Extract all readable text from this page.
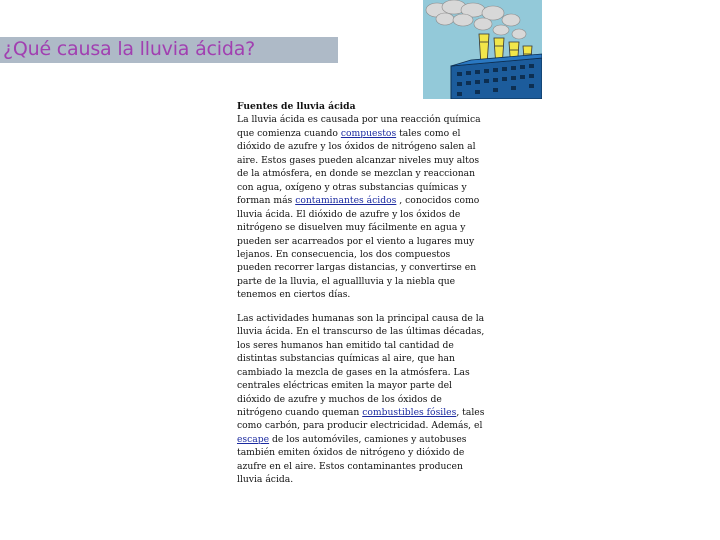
¿Qué causa la lluvia ácida?
Fuentes de lluvia ácida

La lluvia ácida es causada por una reacción química que comienza cuando compuestos tales como el dióxido de azufre y los óxidos de nitrógeno salen al aire. Estos gases pueden alcanzar niveles muy altos de la atmósfera, en donde se mezclan y reaccionan con agua, oxígeno y otras substancias químicas y forman más contaminantes ácidos , conocidos como lluvia ácida. El dióxido de azufre y los óxidos de nitrógeno se disuelven muy fácilmente en agua y pueden ser acarreados por el viento a lugares muy lejanos. En consecuencia, los dos compuestos pueden recorrer largas distancias, y convertirse en parte de la lluvia, el aguallluvia y la niebla que tenemos en ciertos días.

Las actividades humanas son la principal causa de la lluvia ácida. En el transcurso de las últimas décadas, los seres humanos han emitido tal cantidad de distintas substancias químicas al aire, que han cambiado la mezcla de gases en la atmósfera. Las centrales eléctricas emiten la mayor parte del dióxido de azufre y muchos de los óxidos de nitrógeno cuando queman combustibles fósiles, tales como carbón, para producir electricidad. Además, el escape de los automóviles, camiones y autobuses también emiten óxidos de nitrógeno y dióxido de azufre en el aire. Estos contaminantes producen lluvia ácida.
